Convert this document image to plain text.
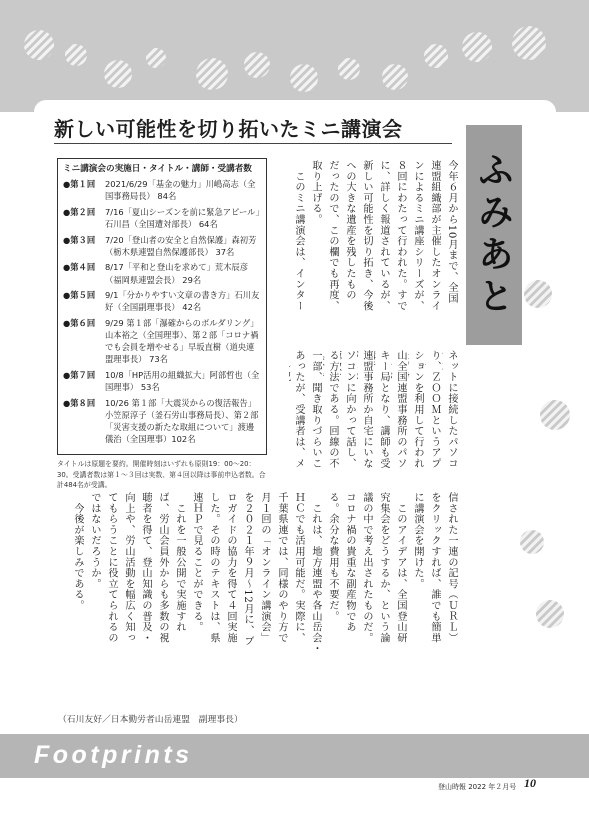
Footprints
新しい可能性を切り拓いたミニ講演会
ふみあと
ミニ講演会の実施日・タイトル・講師・受講者数
●第１回	2021/6/29「基金の魅力」川嶋高志（全国事務局長） 84名
●第２回	7/16「夏山シーズンを前に緊急アピール」石川昌（全国遭対部長） 64名
●第３回	7/20「登山者の安全と自然保護」森初芳（栃木県連盟自然保護部長） 37名
●第４回	8/17「平和と登山を求めて」荒木辰彦（福岡県連盟会長） 29名
●第５回	9/1「分かりやすい文章の書き方」石川友好（全国副理事長） 42名
●第６回	9/29 第１部「瀑確からのボルダリング」山本裕之（全国理事）、第２部「コロナ禍でも会員を増やせる」早坂直樹（道央連盟理事長） 73名
●第７回	10/8「HP活用の組織拡大」阿部哲也（全国理事） 53名
●第８回	10/26 第１部「大震災からの復活報告」小笠原淳子（釜石労山事務局長）、第２部「災害支援の新たな取組について」渡邊儀治（全国理事）102名
タイトルは原題を要約。開催時刻はいずれも原則19：00～20：30。受講者数は第１～３回は実数、第４回以降は事前申込者数。合計484名が受講。
今年６月から10月まで、全国
連盟組織部が主催したオンライ
ンによるミニ講座シリーズが、
８回にわたって行われた。すで
に、詳しく報道されているが、
新しい可能性を切り拓き、今後
への大きな遺産を残したもの
だったので、この欄でも再度、
取り上げる。
　このミニ講演会は、インター
ネットに接続したパソコ
り、ＺＯＯＭというアプ
ションを利用して行われ
山全国連盟事務所のパソ
キー局となり、講師も受
連盟事務所か自宅にいな
ソコンに向かって話し、
る方法である。回線の不
一部、聞き取りづらいこ
あったが、受講者は、メ
信された一連の記号（ＵＲＬ）
をクリックすれば、誰でも簡単
に講演会を開けた。
　このアイデアは、全国登山研
究集会をどうするか、という論
議の中で考え出されたものだ。
コロナ禍の貴重な副産物であ
る。余分な費用も不要だ。
　これは、地方連盟や各山岳会・
ＨＣでも活用可能だ。実際に、
千葉県連では、同様のやり方で
月１回の「オンライン講演会」
を２０２１年９月～12月に、ブ
ロガイドの協力を得て４回実施
した。その時のテキストは、県
連ＨＰで見ることができる。
　これを一般公開で実施すれ
ば、労山会員外からも多数の視
聴者を得て、登山知識の普及・
向上や、労山活動を幅広く知っ
てもらうことに役立てられるの
ではないだろうか。
　今後が楽しみである。
（石川友好／日本勤労者山岳連盟　副理事長）
登山時報 2022 年２月号 10
